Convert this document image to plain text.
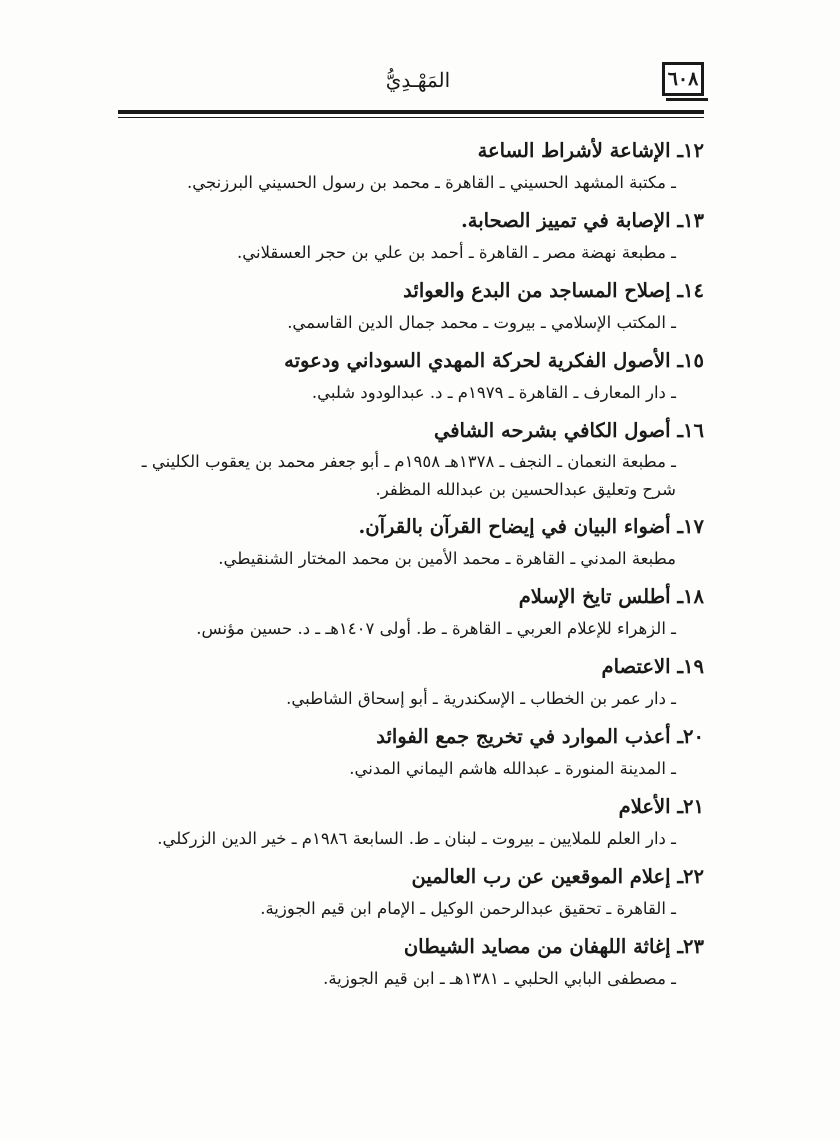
٦٠٨
المَهْـدِيُّ

١٢ـ الإشاعة لأشراط الساعة

ـ مكتبة المشهد الحسيني ـ القاهرة ـ محمد بن رسول الحسيني البرزنجي.

١٣ـ الإصابة في تمييز الصحابة.

ـ مطبعة نهضة مصر ـ القاهرة ـ أحمد بن علي بن حجر العسقلاني.

١٤ـ إصلاح المساجد من البدع والعوائد

ـ المكتب الإسلامي ـ بيروت ـ محمد جمال الدين القاسمي.

١٥ـ الأصول الفكرية لحركة المهدي السوداني ودعوته

ـ دار المعارف ـ القاهرة ـ ١٩٧٩م ـ د. عبدالودود شلبي.

١٦ـ أصول الكافي بشرحه الشافي

ـ مطبعة النعمان ـ النجف ـ ١٣٧٨هـ ١٩٥٨م ـ أبو جعفر محمد بن يعقوب الكليني ـ شرح وتعليق عبدالحسين بن عبدالله المظفر.

١٧ـ أضواء البيان في إيضاح القرآن بالقرآن.

مطبعة المدني ـ القاهرة ـ محمد الأمين بن محمد المختار الشنقيطي.

١٨ـ أطلس تايخ الإسلام

ـ الزهراء للإعلام العربي ـ القاهرة ـ ط. أولى ١٤٠٧هـ ـ د. حسين مؤنس.

١٩ـ الاعتصام

ـ دار عمر بن الخطاب ـ الإسكندرية ـ أبو إسحاق الشاطبي.

٢٠ـ أعذب الموارد في تخريج جمع الفوائد

ـ المدينة المنورة ـ عبدالله هاشم اليماني المدني.

٢١ـ الأعلام

ـ دار العلم للملايين ـ بيروت ـ لبنان ـ ط. السابعة ١٩٨٦م ـ خير الدين الزركلي.

٢٢ـ إعلام الموقعين عن رب العالمين

ـ القاهرة ـ تحقيق عبدالرحمن الوكيل ـ الإمام ابن قيم الجوزية.

٢٣ـ إغاثة اللهفان من مصايد الشيطان

ـ مصطفى البابي الحلبي ـ ١٣٨١هـ ـ ابن قيم الجوزية.
